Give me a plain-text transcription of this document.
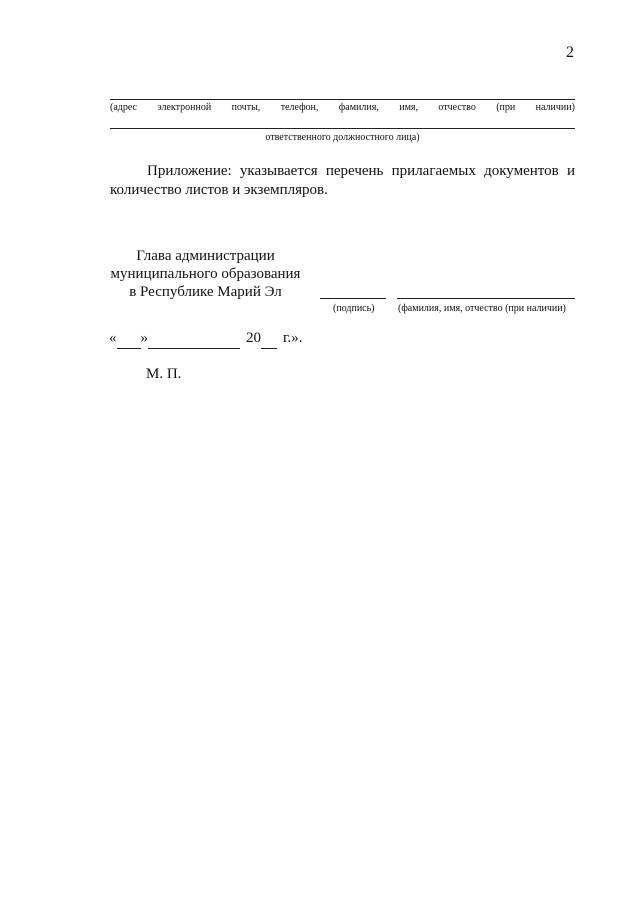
2
(адрес электронной почты, телефон, фамилия, имя, отчество (при наличии)
ответственного должностного лица)
Приложение: указывается перечень прилагаемых документов и количество листов и экземпляров.
Глава администрации
муниципального образования
в Республике Марий Эл
(подпись) (фамилия, имя, отчество (при наличии)
« »	20 г.».
М. П.
